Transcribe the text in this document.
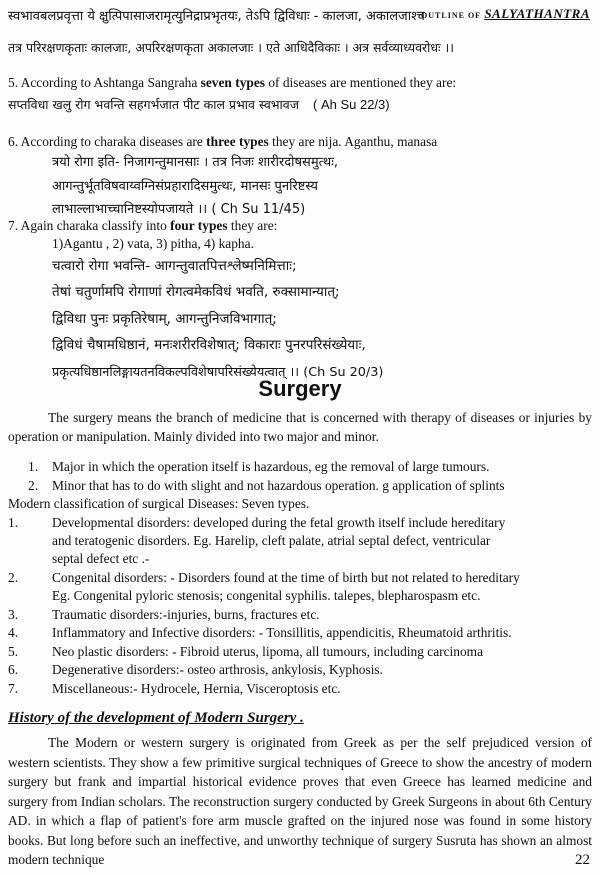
OUTLINE OF SALYATHANTRA
स्वभावबलप्रवृत्ता ये क्षुत्पिपासाजरामृत्युनिद्राप्रभृतयः, तेऽपि द्विविधाः - कालजा, अकालजाश्च
तत्र परिरक्षणकृताः कालजाः, अपरिरक्षणकृता अकालजाः । एते आधिदैविकाः । अत्र सर्वव्याध्यवरोधः ।।
5. According to Ashtanga Sangraha seven types of diseases are mentioned they are:
सप्तविधा खलु रोग भवन्ति सहगर्भजात पीट काल प्रभाव स्वभावज ( Ah Su 22/3)
6. According to charaka diseases are three types they are nija. Aganthu, manasa
त्रयो रोगा इति- निजागन्तुमानसाः । तत्र निजः शारीरदोषसमुत्थः,
आगन्तुर्भूतविषवाय्वग्निसंप्रहारादिसमुत्थः, मानसः पुनरिष्टस्य
लाभाल्लाभाच्चानिष्टस्योपजायते ।। ( Ch Su 11/45)
7. Again charaka classify into four types they are:
1)Agantu , 2) vata, 3) pitha, 4) kapha.
चत्वारो रोगा भवन्ति- आगन्तुवातपित्तश्लेष्मनिमित्ताः;
तेषां चतुर्णामपि रोगाणां रोगत्वमेकविधं भवति, रुक्सामान्यात्;
द्विविधा पुनः प्रकृतिरेषाम्, आगन्तुनिजविभागात्;
द्विविधं चैषामधिष्ठानं, मनःशरीरविशेषात्; विकाराः पुनरपरिसंख्येयाः,
प्रकृत्यधिष्ठानलिङ्गायतनविकल्पविशेषापरिसंख्येयत्वात् ।। (Ch Su 20/3)
Surgery
The surgery means the branch of medicine that is concerned with therapy of diseases or injuries by operation or manipulation. Mainly divided into two major and minor.
1. Major in which the operation itself is hazardous, eg the removal of large tumours.
2. Minor that has to do with slight and not hazardous operation. g application of splints
Modern classification of surgical Diseases: Seven types.
1.	Developmental disorders: developed during the fetal growth itself include hereditary
and teratogenic disorders. Eg. Harelip, cleft palate, atrial septal defect, ventricular
septal defect etc .-
2.	Congenital disorders: - Disorders found at the time of birth but not related to hereditary
Eg. Congenital pyloric stenosis; congenital syphilis. talepes, blepharospasm etc.
3.	Traumatic disorders:-injuries, burns, fractures etc.
4.	Inflammatory and Infective disorders: - Tonsillitis, appendicitis, Rheumatoid arthritis.
5.	Neo plastic disorders: - Fibroid uterus, lipoma, all tumours, including carcinoma
6.	Degenerative disorders:- osteo arthrosis, ankylosis, Kyphosis.
7.	Miscellaneous:- Hydrocele, Hernia, Visceroptosis etc.
History of the development of Modern Surgery .
The Modern or western surgery is originated from Greek as per the self prejudiced version of western scientists. They show a few primitive surgical techniques of Greece to show the ancestry of modern surgery but frank and impartial historical evidence proves that even Greece has learned medicine and surgery from Indian scholars. The reconstruction surgery conducted by Greek Surgeons in about 6th Century AD. in which a flap of patient's fore arm muscle grafted on the injured nose was found in some history books. But long before such an ineffective, and unworthy technique of surgery Susruta has shown an almost modern technique	22
